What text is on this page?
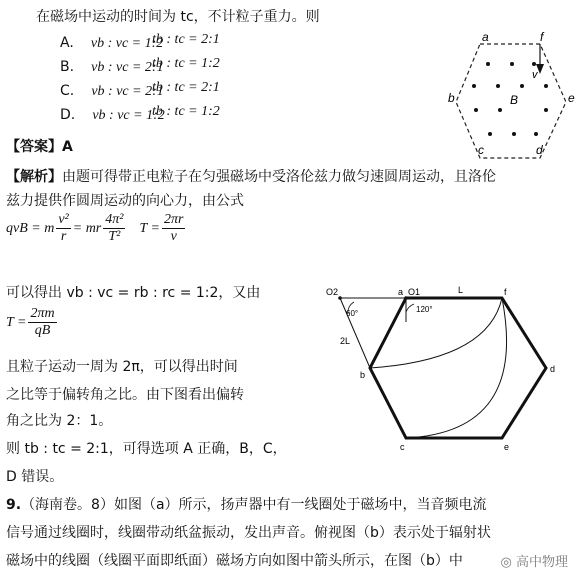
在磁场中运动的时间为 tc，不计粒子重力。则
A. vb : vc = 1:2
tb : tc = 2:1
B. vb : vc = 2:1
tb : tc = 1:2
C. vb : vc = 2:1
tb : tc = 2:1
D. vb : vc = 1:2
tb : tc = 1:2
a	f
b
c	d
e
B
v
【答案】A
【解析】由题可得带正电粒子在匀强磁场中受洛伦兹力做匀速圆周运动，且洛伦
兹力提供作圆周运动的向心力，由公式
qvB = m $\frac{\text{v²}}{r}$ = mr $\frac{\text{4π²}}{\text{T²}}$ $T = \frac{2\pi r}{v}$
可以得出 vb : vc = rb : rc = 1:2，又由
$T = \frac{2\pi m}{qB}$
且粒子运动一周为 2π，可以得出时间
之比等于偏转角之比。由下图看出偏转
角之比为 2：1。
则 tb : tc = 2:1，可得选项 A 正确，B，C，
D 错误。
O2	a O1	L	f
60°	120°
2L
b
d
c	e
9.（海南卷。8）如图（a）所示，扬声器中有一线圈处于磁场中，当音频电流
信号通过线圈时，线圈带动纸盆振动，发出声音。俯视图（b）表示处于辐射状
磁场中的线圈（线圈平面即纸面）磁场方向如图中箭头所示，在图（b）中	◎ 高中物理
